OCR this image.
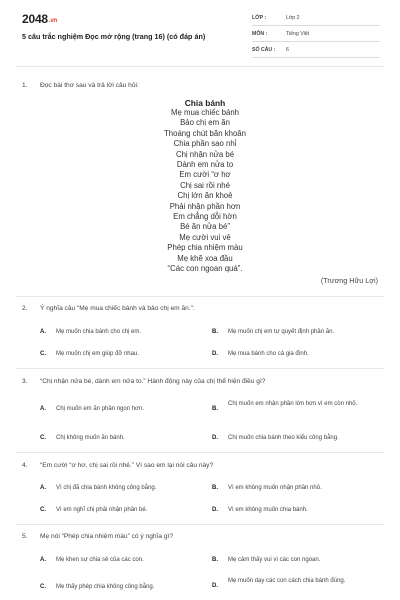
2048.vn
5 câu trắc nghiệm Đọc mở rộng (trang 16) (có đáp án)
LỚP :	Lớp 2
MÔN :	Tiếng Việt
SỐ CÂU : 6
1. Đọc bài thơ sau và trả lời câu hỏi:
Chia bánh
Mẹ mua chiếc bánh
Bảo chị em ăn
Thoáng chút băn khoăn
Chia phần sao nhỉ
Chị nhận nửa bé
Dành em nửa to
Em cười “ơ hơ
Chị sai rồi nhé
Chị lớn ăn khoẻ
Phải nhận phần hơn
Em chẳng dỗi hờn
Bé ăn nửa bé”
Mẹ cười vui vẻ
Phép chia nhiệm màu
Mẹ khẽ xoa đầu
“Các con ngoan quá”.
(Trương Hữu Lợi)
2. Ý nghĩa câu “Mẹ mua chiếc bánh và bảo chị em ăn.”:
A. Mẹ muốn chia bánh cho chị em.	B. Mẹ muốn chị em tự quyết định phần ăn.
C. Mẹ muốn chị em giúp đỡ nhau.	D. Mẹ mua bánh cho cả gia đình.
3. “Chị nhận nửa bé, dành em nửa to.” Hành động này của chị thể hiện điều gì?
A. Chị muốn em ăn phần ngon hơn.	B.
Chị muốn em nhận phần lớn hơn vì em còn nhỏ.
C. Chị không muốn ăn bánh.	D. Chị muốn chia bánh theo kiểu công bằng.
4. “Em cười “ơ hơ, chị sai rồi nhé.” Vì sao em lại nói câu này?
A. Vì chị đã chia bánh không công bằng.	B. Vì em không muốn nhận phần nhỏ.
C. Vì em nghĩ chị phải nhận phần bé.	D. Vì em không muốn chia bánh.
5. Mẹ nói “Phép chia nhiệm màu” có ý nghĩa gì?
A. Mẹ khen sự chia sẻ của các con.	B. Mẹ cảm thấy vui vì các con ngoan.
C. Mẹ thấy phép chia không công bằng.	D.
Mẹ muốn dạy các con cách chia bánh đúng.
